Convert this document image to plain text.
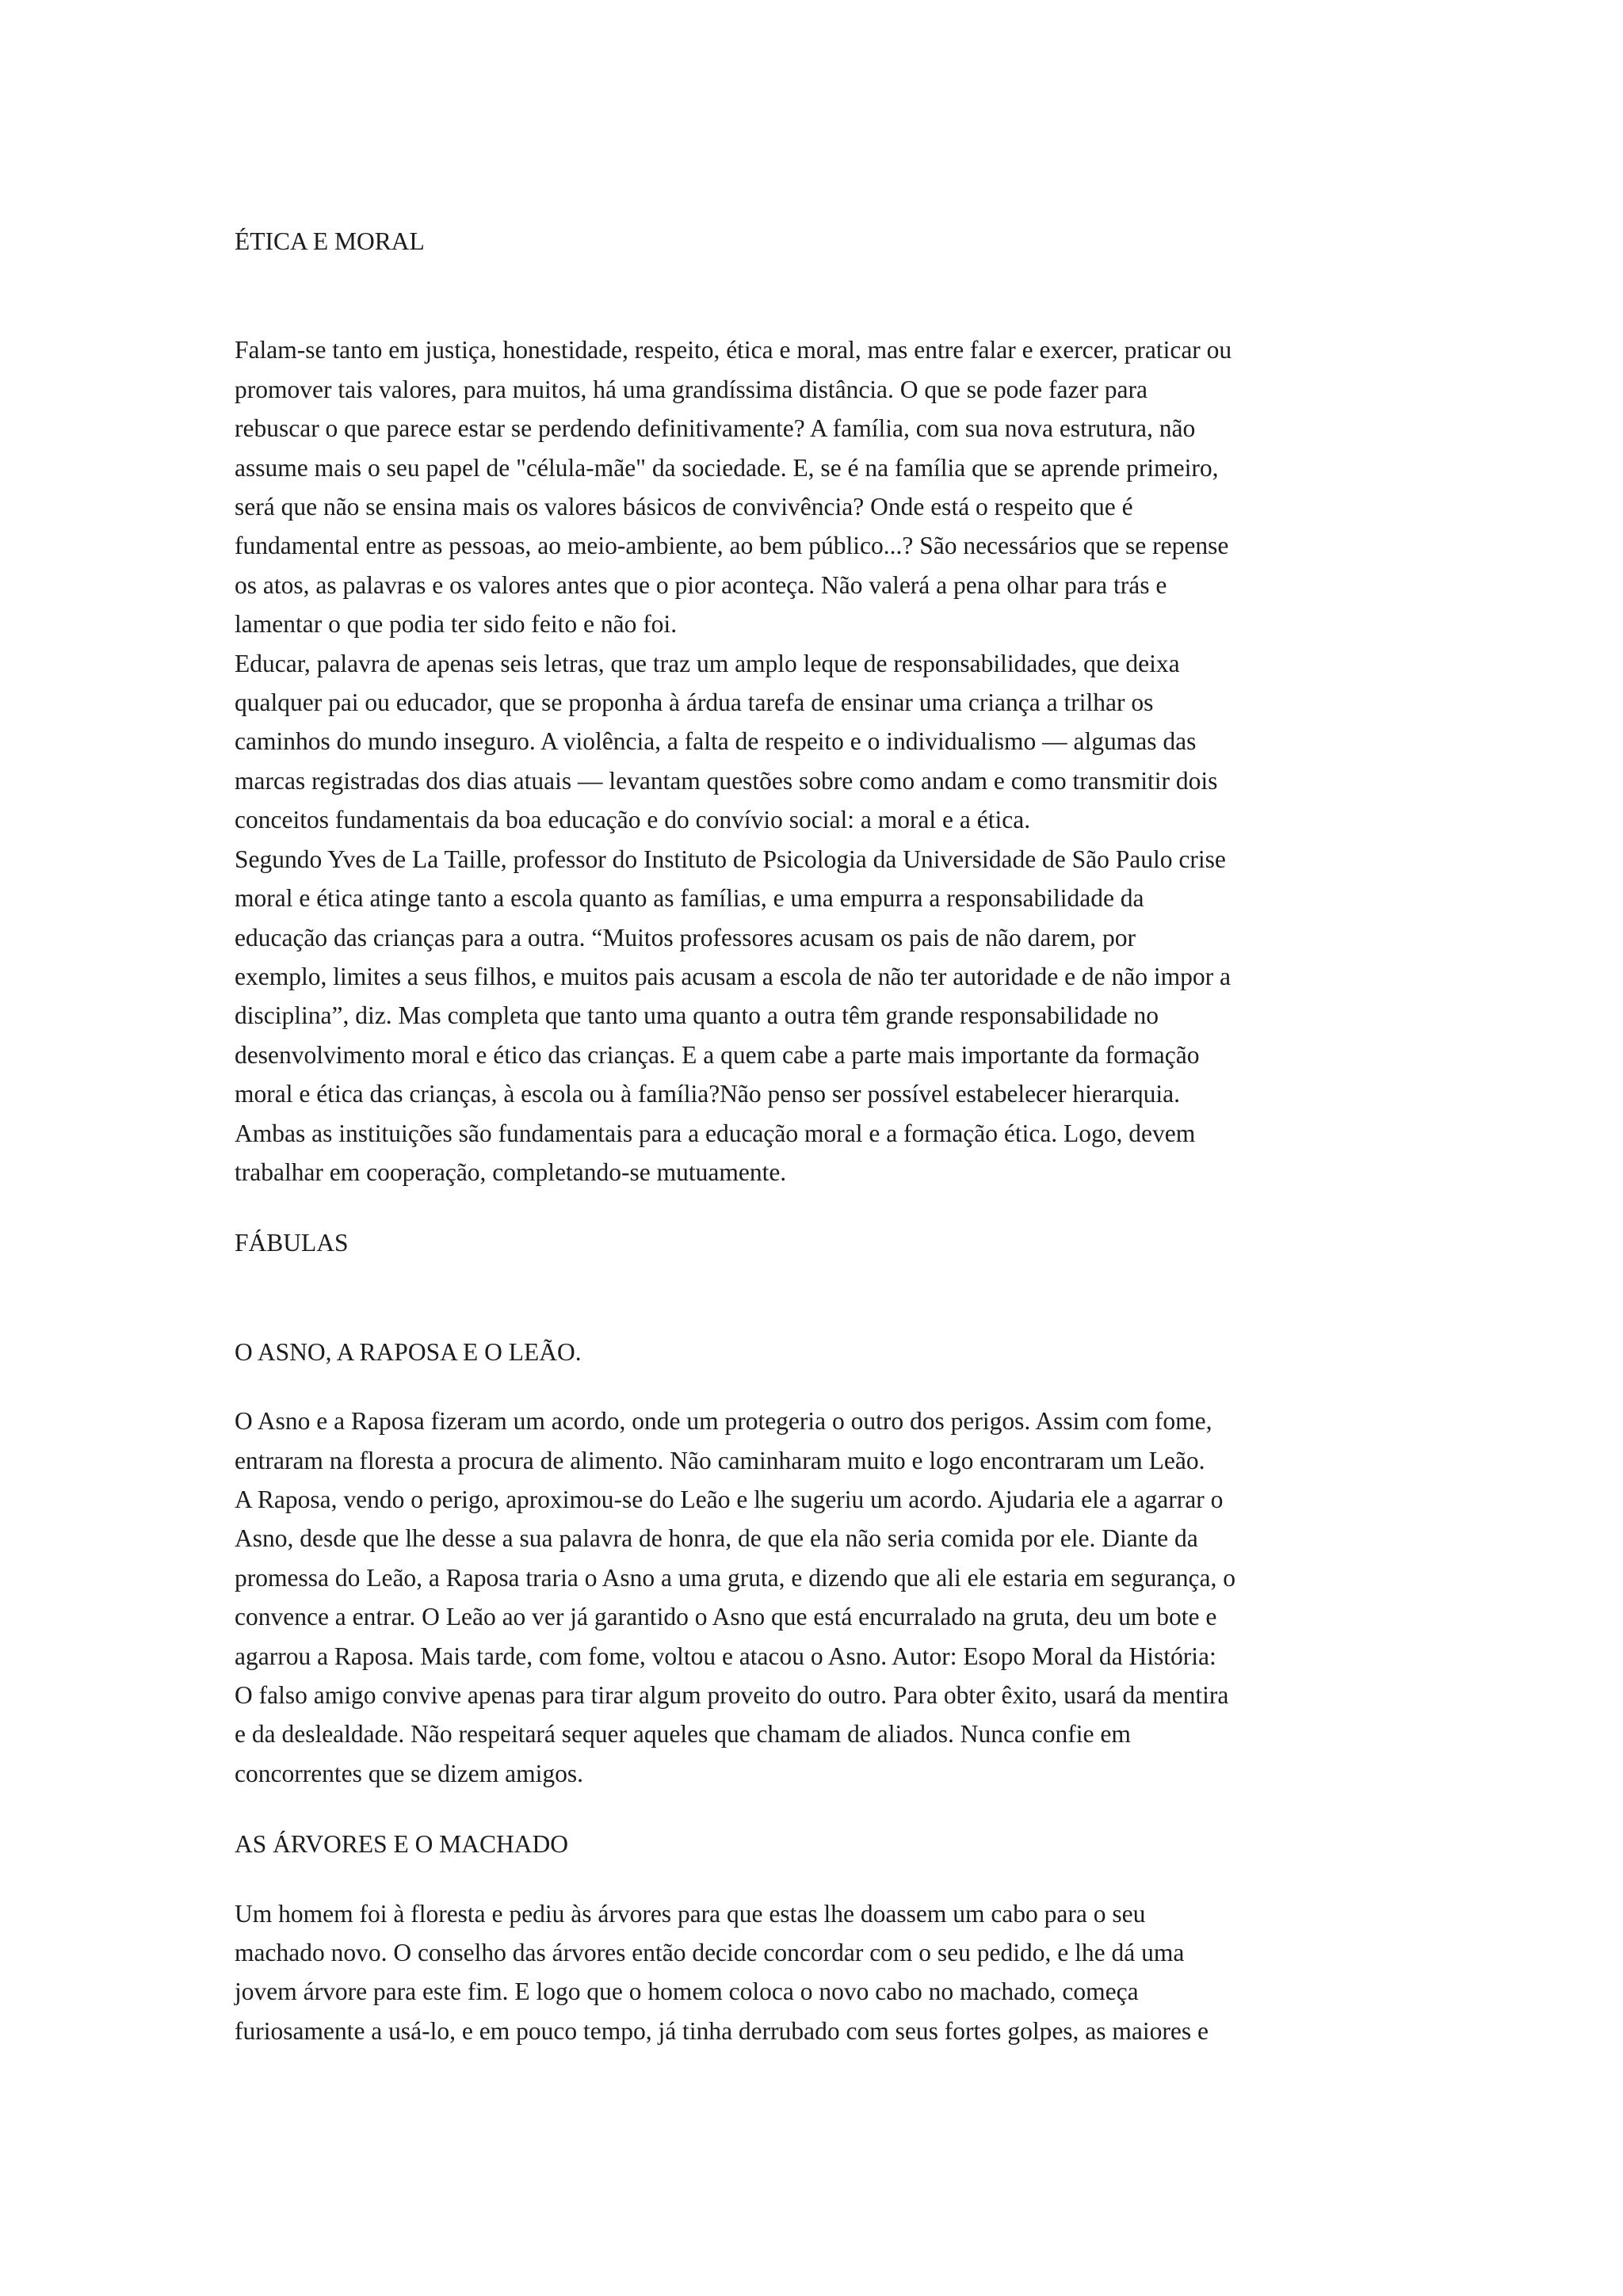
ÉTICA E MORAL
Falam-se tanto em justiça, honestidade, respeito, ética e moral, mas entre falar e exercer, praticar ou
promover tais valores, para muitos, há uma grandíssima distância. O que se pode fazer para
rebuscar o que parece estar se perdendo definitivamente? A família, com sua nova estrutura, não
assume mais o seu papel de "célula-mãe" da sociedade. E, se é na família que se aprende primeiro,
será que não se ensina mais os valores básicos de convivência? Onde está o respeito que é
fundamental entre as pessoas, ao meio-ambiente, ao bem público...? São necessários que se repense
os atos, as palavras e os valores antes que o pior aconteça. Não valerá a pena olhar para trás e
lamentar o que podia ter sido feito e não foi.
Educar, palavra de apenas seis letras, que traz um amplo leque de responsabilidades, que deixa
qualquer pai ou educador, que se proponha à árdua tarefa de ensinar uma criança a trilhar os
caminhos do mundo inseguro. A violência, a falta de respeito e o individualismo — algumas das
marcas registradas dos dias atuais — levantam questões sobre como andam e como transmitir dois
conceitos fundamentais da boa educação e do convívio social: a moral e a ética.
Segundo Yves de La Taille, professor do Instituto de Psicologia da Universidade de São Paulo crise
moral e ética atinge tanto a escola quanto as famílias, e uma empurra a responsabilidade da
educação das crianças para a outra. “Muitos professores acusam os pais de não darem, por
exemplo, limites a seus filhos, e muitos pais acusam a escola de não ter autoridade e de não impor a
disciplina”, diz. Mas completa que tanto uma quanto a outra têm grande responsabilidade no
desenvolvimento moral e ético das crianças. E a quem cabe a parte mais importante da formação
moral e ética das crianças, à escola ou à família?Não penso ser possível estabelecer hierarquia.
Ambas as instituições são fundamentais para a educação moral e a formação ética. Logo, devem
trabalhar em cooperação, completando-se mutuamente.
FÁBULAS
O ASNO, A RAPOSA E O LEÃO.
O Asno e a Raposa fizeram um acordo, onde um protegeria o outro dos perigos. Assim com fome,
entraram na floresta a procura de alimento. Não caminharam muito e logo encontraram um Leão.
A Raposa, vendo o perigo, aproximou-se do Leão e lhe sugeriu um acordo. Ajudaria ele a agarrar o
Asno, desde que lhe desse a sua palavra de honra, de que ela não seria comida por ele. Diante da
promessa do Leão, a Raposa traria o Asno a uma gruta, e dizendo que ali ele estaria em segurança, o
convence a entrar. O Leão ao ver já garantido o Asno que está encurralado na gruta, deu um bote e
agarrou a Raposa. Mais tarde, com fome, voltou e atacou o Asno. Autor: Esopo Moral da História:
O falso amigo convive apenas para tirar algum proveito do outro. Para obter êxito, usará da mentira
e da deslealdade. Não respeitará sequer aqueles que chamam de aliados. Nunca confie em
concorrentes que se dizem amigos.
AS ÁRVORES E O MACHADO
Um homem foi à floresta e pediu às árvores para que estas lhe doassem um cabo para o seu
machado novo. O conselho das árvores então decide concordar com o seu pedido, e lhe dá uma
jovem árvore para este fim. E logo que o homem coloca o novo cabo no machado, começa
furiosamente a usá-lo, e em pouco tempo, já tinha derrubado com seus fortes golpes, as maiores e
